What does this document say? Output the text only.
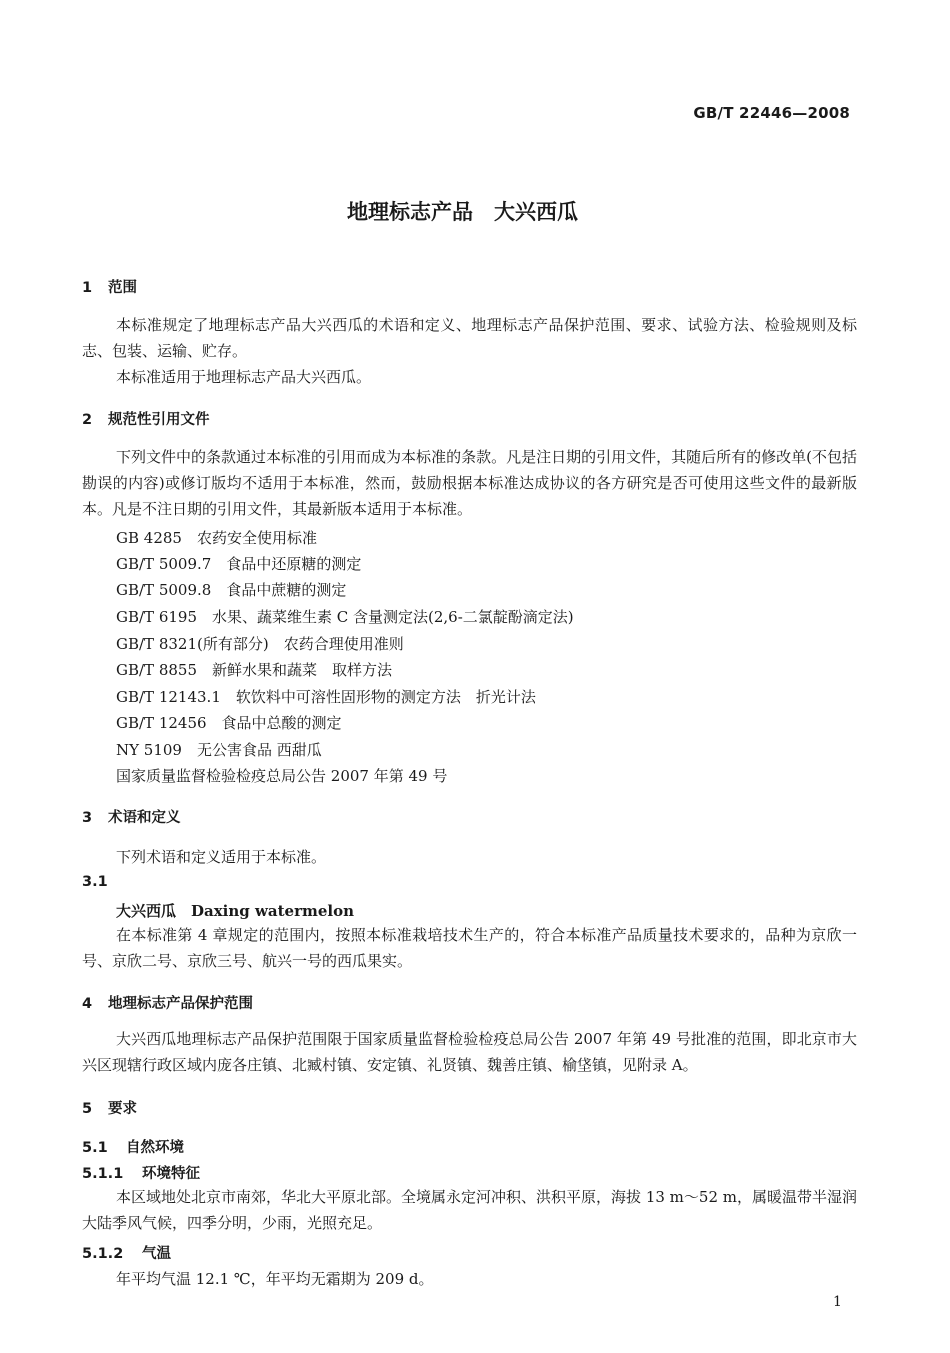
GB/T 22446—2008
地理标志产品　大兴西瓜
1 范围
本标准规定了地理标志产品大兴西瓜的术语和定义、地理标志产品保护范围、要求、试验方法、检验规则及标志、包装、运输、贮存。
本标准适用于地理标志产品大兴西瓜。
2 规范性引用文件
下列文件中的条款通过本标准的引用而成为本标准的条款。凡是注日期的引用文件，其随后所有的修改单(不包括勘误的内容)或修订版均不适用于本标准，然而，鼓励根据本标准达成协议的各方研究是否可使用这些文件的最新版本。凡是不注日期的引用文件，其最新版本适用于本标准。
GB 4285　农药安全使用标准
GB/T 5009.7　食品中还原糖的测定
GB/T 5009.8　食品中蔗糖的测定
GB/T 6195　水果、蔬菜维生素 C 含量测定法(2,6-二氯靛酚滴定法)
GB/T 8321(所有部分)　农药合理使用准则
GB/T 8855　新鲜水果和蔬菜　取样方法
GB/T 12143.1　软饮料中可溶性固形物的测定方法　折光计法
GB/T 12456　食品中总酸的测定
NY 5109　无公害食品 西甜瓜
国家质量监督检验检疫总局公告 2007 年第 49 号
3 术语和定义
下列术语和定义适用于本标准。
3.1
大兴西瓜　Daxing watermelon
在本标准第 4 章规定的范围内，按照本标准栽培技术生产的，符合本标准产品质量技术要求的，品种为京欣一号、京欣二号、京欣三号、航兴一号的西瓜果实。
4 地理标志产品保护范围
大兴西瓜地理标志产品保护范围限于国家质量监督检验检疫总局公告 2007 年第 49 号批准的范围，即北京市大兴区现辖行政区域内庞各庄镇、北臧村镇、安定镇、礼贤镇、魏善庄镇、榆垡镇，见附录 A。
5 要求
5.1 自然环境
5.1.1 环境特征
本区域地处北京市南郊，华北大平原北部。全境属永定河冲积、洪积平原，海拔 13 m～52 m，属暖温带半湿润大陆季风气候，四季分明，少雨，光照充足。
5.1.2 气温
年平均气温 12.1 ℃，年平均无霜期为 209 d。
1
